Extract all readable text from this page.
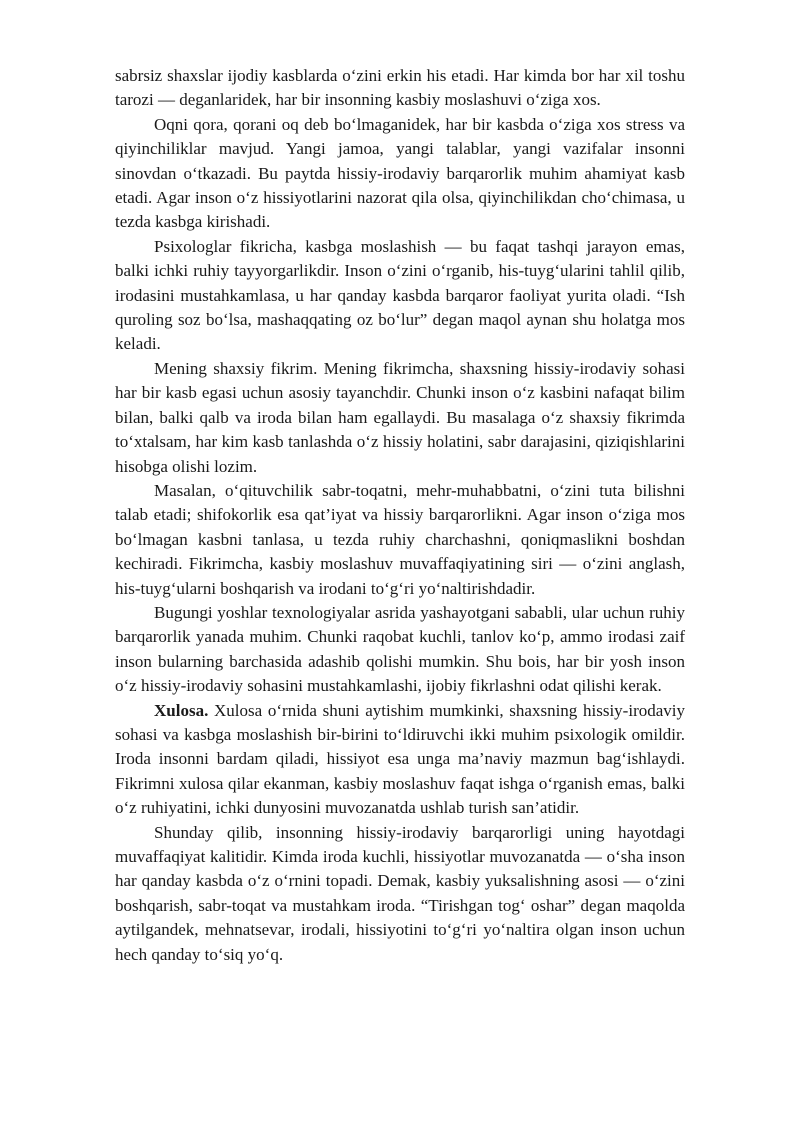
sabrsiz shaxslar ijodiy kasblarda o‘zini erkin his etadi. Har kimda bor har xil toshu tarozi — deganlaridek, har bir insonning kasbiy moslashuvi o‘ziga xos.

Oqni qora, qorani oq deb bo‘lmaganidek, har bir kasbda o‘ziga xos stress va qiyinchiliklar mavjud. Yangi jamoa, yangi talablar, yangi vazifalar insonni sinovdan o‘tkazadi. Bu paytda hissiy-irodaviy barqarorlik muhim ahamiyat kasb etadi. Agar inson o‘z hissiyotlarini nazorat qila olsa, qiyinchilikdan cho‘chimasa, u tezda kasbga kirishadi.

Psixologlar fikricha, kasbga moslashish — bu faqat tashqi jarayon emas, balki ichki ruhiy tayyorgarlikdir. Inson o‘zini o‘rganib, his-tuyg‘ularini tahlil qilib, irodasini mustahkamlasa, u har qanday kasbda barqaror faoliyat yurita oladi. “Ish quroling soz bo‘lsa, mashaqqating oz bo‘lur” degan maqol aynan shu holatga mos keladi.

Mening shaxsiy fikrim. Mening fikrimcha, shaxsning hissiy-irodaviy sohasi har bir kasb egasi uchun asosiy tayanchdir. Chunki inson o‘z kasbini nafaqat bilim bilan, balki qalb va iroda bilan ham egallaydi. Bu masalaga o‘z shaxsiy fikrimda to‘xtalsam, har kim kasb tanlashda o‘z hissiy holatini, sabr darajasini, qiziqishlarini hisobga olishi lozim.

Masalan, o‘qituvchilik sabr-toqatni, mehr-muhabbatni, o‘zini tuta bilishni talab etadi; shifokorlik esa qat’iyat va hissiy barqarorlikni. Agar inson o‘ziga mos bo‘lmagan kasbni tanlasa, u tezda ruhiy charchashni, qoniqmaslikni boshdan kechiradi. Fikrimcha, kasbiy moslashuv muvaffaqiyatining siri — o‘zini anglash, his-tuyg‘ularni boshqarish va irodani to‘g‘ri yo‘naltirishdadir.

Bugungi yoshlar texnologiyalar asrida yashayotgani sababli, ular uchun ruhiy barqarorlik yanada muhim. Chunki raqobat kuchli, tanlov ko‘p, ammo irodasi zaif inson bularning barchasida adashib qolishi mumkin. Shu bois, har bir yosh inson o‘z hissiy-irodaviy sohasini mustahkamlashi, ijobiy fikrlashni odat qilishi kerak.

Xulosa. Xulosa o‘rnida shuni aytishim mumkinki, shaxsning hissiy-irodaviy sohasi va kasbga moslashish bir-birini to‘ldiruvchi ikki muhim psixologik omildir. Iroda insonni bardam qiladi, hissiyot esa unga ma’naviy mazmun bag‘ishlaydi. Fikrimni xulosa qilar ekanman, kasbiy moslashuv faqat ishga o‘rganish emas, balki o‘z ruhiyatini, ichki dunyosini muvozanatda ushlab turish san’atidir.

Shunday qilib, insonning hissiy-irodaviy barqarorligi uning hayotdagi muvaffaqiyat kalitidir. Kimda iroda kuchli, hissiyotlar muvozanatda — o‘sha inson har qanday kasbda o‘z o‘rnini topadi. Demak, kasbiy yuksalishning asosi — o‘zini boshqarish, sabr-toqat va mustahkam iroda. “Tirishgan tog‘ oshar” degan maqolda aytilgandek, mehnatsevar, irodali, hissiyotini to‘g‘ri yo‘naltira olgan inson uchun hech qanday to‘siq yo‘q.
